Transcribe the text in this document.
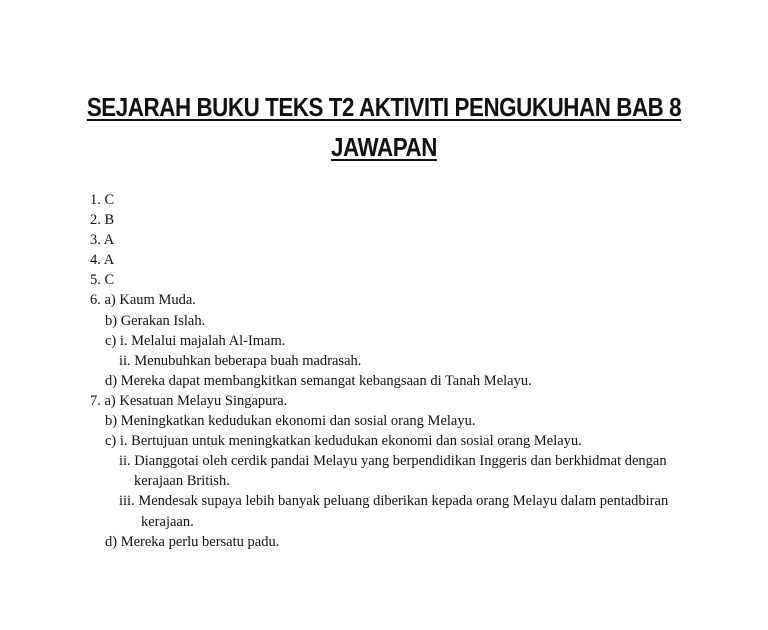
SEJARAH BUKU TEKS T2 AKTIVITI PENGUKUHAN BAB 8
JAWAPAN
1. C
2. B
3. A
4. A
5. C
6. a) Kaum Muda.
b) Gerakan Islah.
c) i. Melalui majalah Al-Imam.
ii. Menubuhkan beberapa buah madrasah.
d) Mereka dapat membangkitkan semangat kebangsaan di Tanah Melayu.
7. a) Kesatuan Melayu Singapura.
b) Meningkatkan kedudukan ekonomi dan sosial orang Melayu.
c) i. Bertujuan untuk meningkatkan kedudukan ekonomi dan sosial orang Melayu.
ii. Dianggotai oleh cerdik pandai Melayu yang berpendidikan Inggeris dan berkhidmat dengan
kerajaan British.
iii. Mendesak supaya lebih banyak peluang diberikan kepada orang Melayu dalam pentadbiran
kerajaan.
d) Mereka perlu bersatu padu.
